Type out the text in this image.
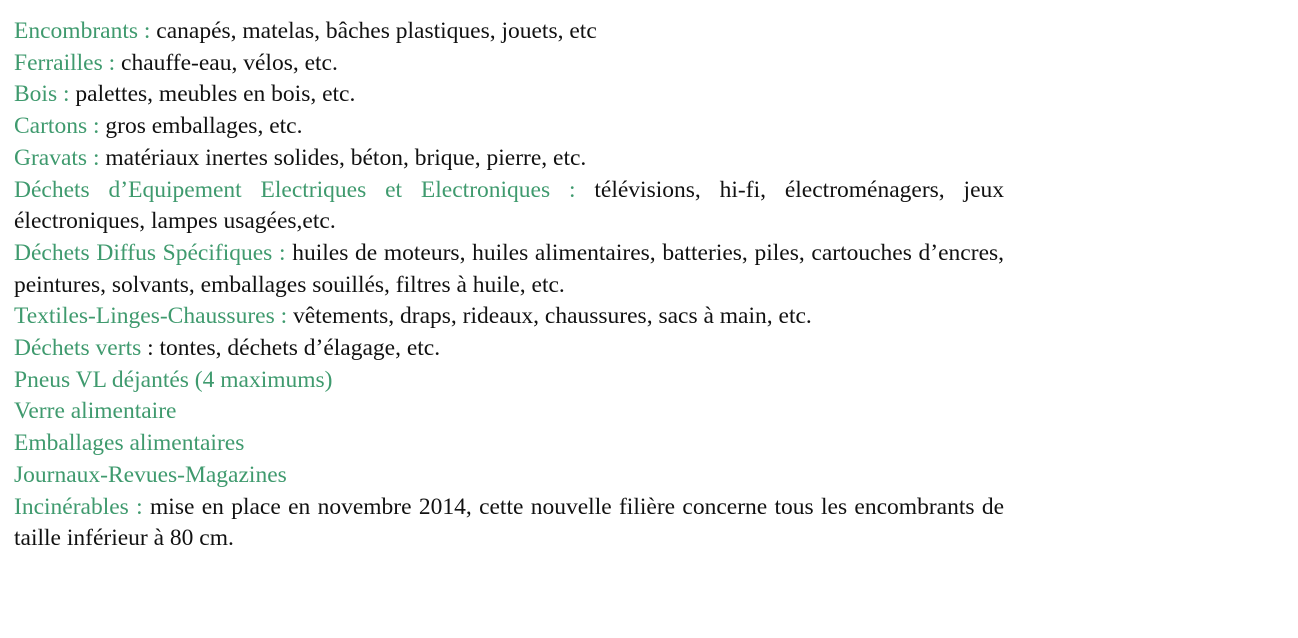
Encombrants : canapés, matelas, bâches plastiques, jouets, etc

Ferrailles : chauffe-eau, vélos, etc.

Bois : palettes, meubles en bois, etc.

Cartons : gros emballages, etc.

Gravats : matériaux inertes solides, béton, brique, pierre, etc.

Déchets d’Equipement Electriques et Electroniques : télévisions, hi-fi, électroménagers, jeux électroniques, lampes usagées,etc.

Déchets Diffus Spécifiques : huiles de moteurs, huiles alimentaires, batteries, piles, cartouches d’encres, peintures, solvants, emballages souillés, filtres à huile, etc.

Textiles-Linges-Chaussures : vêtements, draps, rideaux, chaussures, sacs à main, etc.

Déchets verts : tontes, déchets d’élagage, etc.

Pneus VL déjantés (4 maximums)

Verre alimentaire

Emballages alimentaires

Journaux-Revues-Magazines

Incinérables : mise en place en novembre 2014, cette nouvelle filière concerne tous les encombrants de taille inférieur à 80 cm.
